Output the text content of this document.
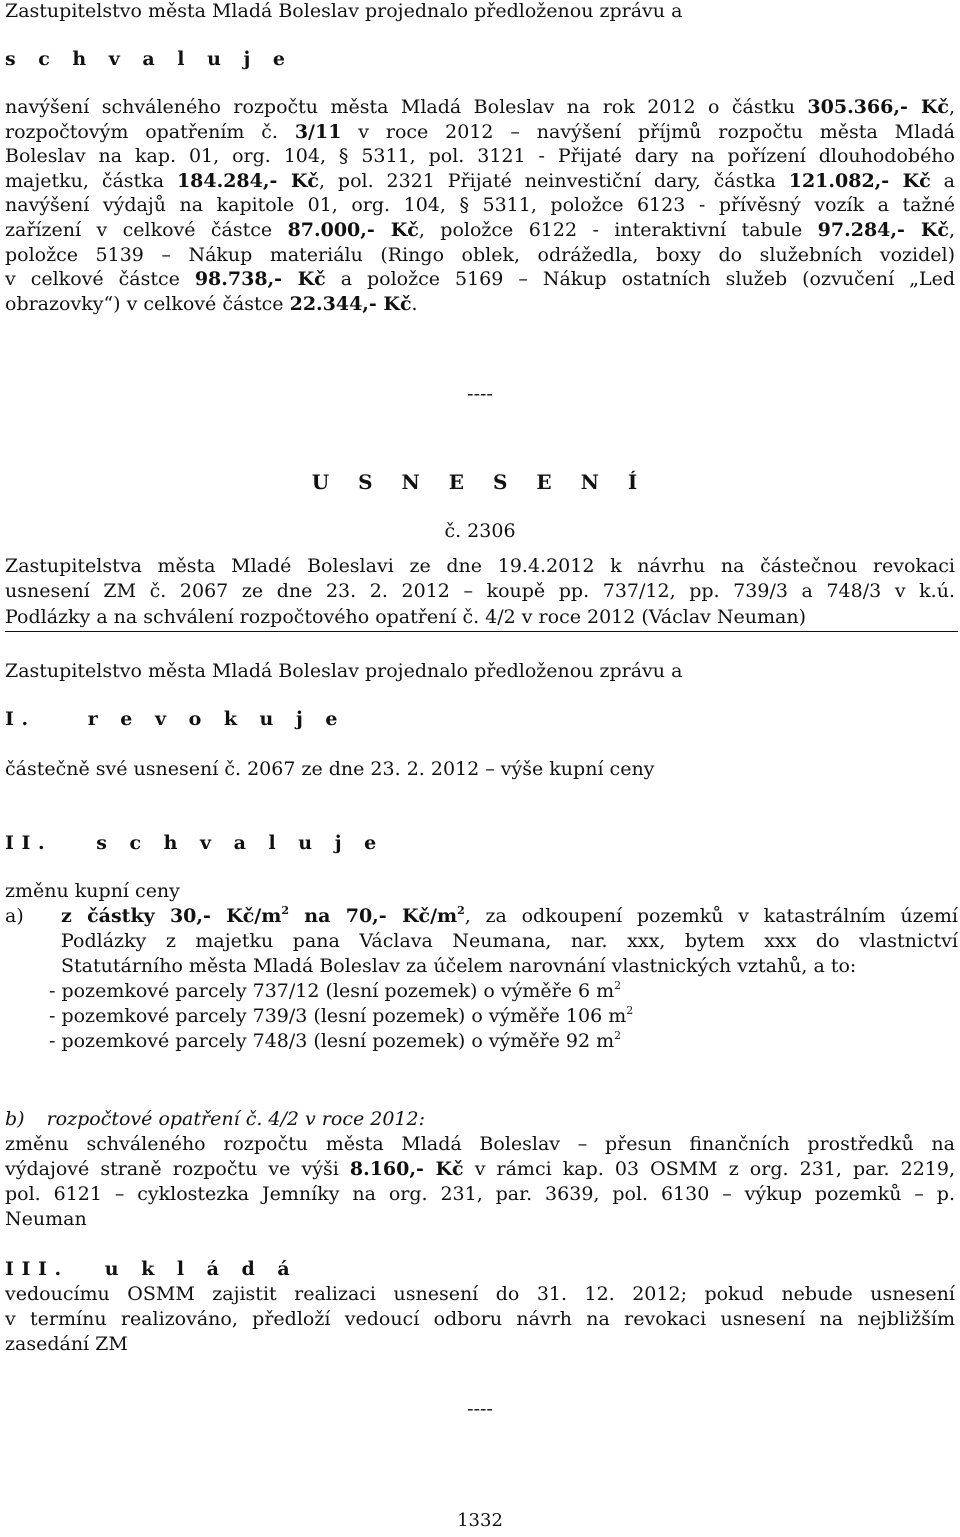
Zastupitelstvo města Mladá Boleslav projednalo předloženou zprávu a
s c h v a l u j e
navýšení schváleného rozpočtu města Mladá Boleslav na rok 2012 o částku 305.366,- Kč,
rozpočtovým opatřením č. 3/11 v roce 2012 – navýšení příjmů rozpočtu města Mladá
Boleslav na kap. 01, org. 104, § 5311, pol. 3121 - Přijaté dary na pořízení dlouhodobého
majetku, částka 184.284,- Kč, pol. 2321 Přijaté neinvestiční dary, částka 121.082,- Kč a
navýšení výdajů na kapitole 01, org. 104, § 5311, položce 6123 - přívěsný vozík a tažné
zařízení v celkové částce 87.000,- Kč, položce 6122 - interaktivní tabule 97.284,- Kč,
položce 5139 – Nákup materiálu (Ringo oblek, odrážedla, boxy do služebních vozidel)
v celkové částce 98.738,- Kč a položce 5169 – Nákup ostatních služeb (ozvučení „Led
obrazovky“) v celkové částce 22.344,- Kč.
----
U S N E S E N Í
č. 2306
Zastupitelstva města Mladé Boleslavi ze dne 19.4.2012 k návrhu na částečnou revokaci
usnesení ZM č. 2067 ze dne 23. 2. 2012 – koupě pp. 737/12, pp. 739/3 a 748/3 v k.ú.
Podlázky a na schválení rozpočtového opatření č. 4/2 v roce 2012 (Václav Neuman)
Zastupitelstvo města Mladá Boleslav projednalo předloženou zprávu a
I.	r e v o k u j e
částečně své usnesení č. 2067 ze dne 23. 2. 2012 – výše kupní ceny
II. s c h v a l u j e
změnu kupní ceny
a) z částky 30,- $Kč/m^2$ na 70,- $Kč/m^2$, za odkoupení pozemků v katastrálním území
Podlázky z majetku pana Václava Neumana, nar. xxx, bytem xxx do vlastnictví
Statutárního města Mladá Boleslav za účelem narovnání vlastnických vztahů, a to:
- pozemkové parcely 737/12 (lesní pozemek) o výměře 6 $m^2$
- pozemkové parcely 739/3 (lesní pozemek) o výměře 106 $m^2$
- pozemkové parcely 748/3 (lesní pozemek) o výměře 92 $m^2$
b) rozpočtové opatření č. 4/2 v roce 2012:
změnu schváleného rozpočtu města Mladá Boleslav – přesun finančních prostředků na
výdajové straně rozpočtu ve výši 8.160,- Kč v rámci kap. 03 OSMM z org. 231, par. 2219,
pol. 6121 – cyklostezka Jemníky na org. 231, par. 3639, pol. 6130 – výkup pozemků – p.
Neuman
III. u k l á d á
vedoucímu OSMM zajistit realizaci usnesení do 31. 12. 2012; pokud nebude usnesení
v termínu realizováno, předloží vedoucí odboru návrh na revokaci usnesení na nejbližším
zasedání ZM
----
1332
